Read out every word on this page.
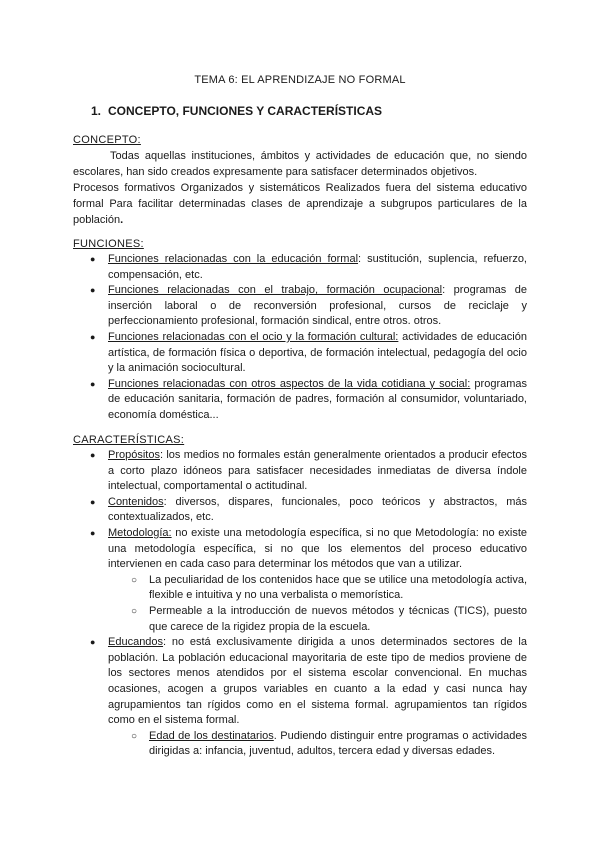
TEMA 6: EL APRENDIZAJE NO FORMAL
1. CONCEPTO, FUNCIONES Y CARACTERÍSTICAS
CONCEPTO:

Todas aquellas instituciones, ámbitos y actividades de educación que, no siendo escolares, han sido creados expresamente para satisfacer determinados objetivos.

Procesos formativos Organizados y sistemáticos Realizados fuera del sistema educativo formal Para facilitar determinadas clases de aprendizaje a subgrupos particulares de la población.

FUNCIONES:
● Funciones relacionadas con la educación formal: sustitución, suplencia, refuerzo, compensación, etc.
● Funciones relacionadas con el trabajo, formación ocupacional: programas de inserción laboral o de reconversión profesional, cursos de reciclaje y perfeccionamiento profesional, formación sindical, entre otros. otros.
● Funciones relacionadas con el ocio y la formación cultural: actividades de educación artística, de formación física o deportiva, de formación intelectual, pedagogía del ocio y la animación sociocultural.
● Funciones relacionadas con otros aspectos de la vida cotidiana y social: programas de educación sanitaria, formación de padres, formación al consumidor, voluntariado, economía doméstica...
CARACTERÍSTICAS:
● Propósitos: los medios no formales están generalmente orientados a producir efectos a corto plazo idóneos para satisfacer necesidades inmediatas de diversa índole intelectual, comportamental o actitudinal.
● Contenidos: diversos, dispares, funcionales, poco teóricos y abstractos, más contextualizados, etc.
● Metodología: no existe una metodología específica, si no que Metodología: no existe una metodología específica, si no que los elementos del proceso educativo intervienen en cada caso para determinar los métodos que van a utilizar.
○ La peculiaridad de los contenidos hace que se utilice una metodología activa, flexible e intuitiva y no una verbalista o memorística.
○ Permeable a la introducción de nuevos métodos y técnicas (TICS), puesto que carece de la rigidez propia de la escuela.
● Educandos: no está exclusivamente dirigida a unos determinados sectores de la población. La población educacional mayoritaria de este tipo de medios proviene de los sectores menos atendidos por el sistema escolar convencional. En muchas ocasiones, acogen a grupos variables en cuanto a la edad y casi nunca hay agrupamientos tan rígidos como en el sistema formal. agrupamientos tan rígidos como en el sistema formal.
○ Edad de los destinatarios. Pudiendo distinguir entre programas o actividades dirigidas a: infancia, juventud, adultos, tercera edad y diversas edades.
